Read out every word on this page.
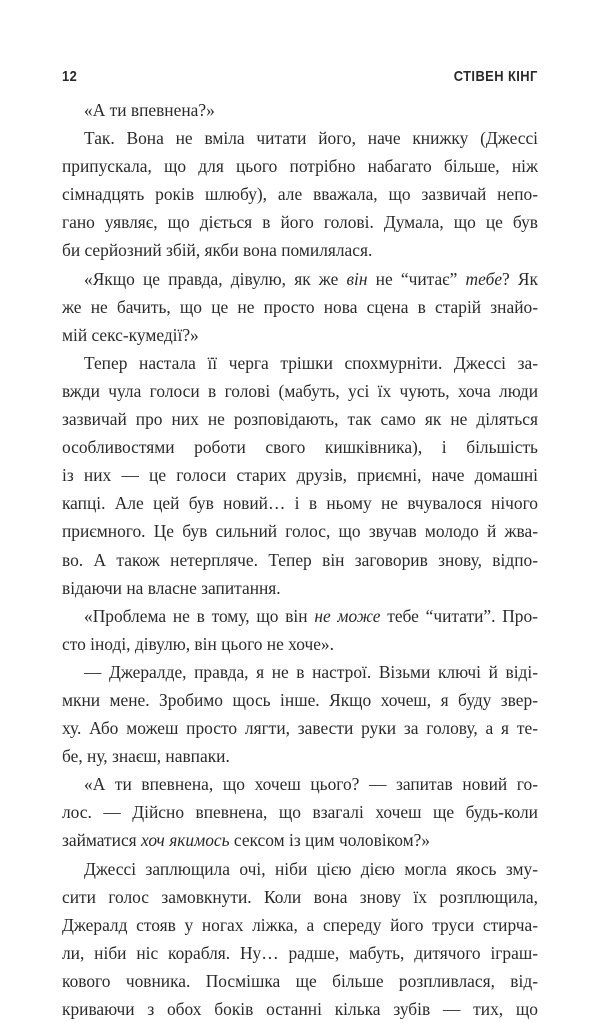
12	СТІВЕН КІНГ
«А ти впевнена?»
Так. Вона не вміла читати його, наче книжку (Джессі
припускала, що для цього потрібно набагато більше, ніж
сімнадцять років шлюбу), але вважала, що зазвичай непо-
гано уявляє, що діється в його голові. Думала, що це був
би серйозний збій, якби вона помилялася.
«Якщо це правда, дівулю, як же він не “читає” тебе? Як
же не бачить, що це не просто нова сцена в старій знайо-
мій секс-кумедії?»
Тепер настала її черга трішки спохмурніти. Джессі за-
вжди чула голоси в голові (мабуть, усі їх чують, хоча люди
зазвичай про них не розповідають, так само як не діляться
особливостями роботи свого кишківника), і більшість
із них — це голоси старих друзів, приємні, наче домашні
капці. Але цей був новий… і в ньому не вчувалося нічого
приємного. Це був сильний голос, що звучав молодо й жва-
во. А також нетерпляче. Тепер він заговорив знову, відпо-
відаючи на власне запитання.
«Проблема не в тому, що він не може тебе “читати”. Про-
сто іноді, дівулю, він цього не хоче».
— Джералде, правда, я не в настрої. Візьми ключі й віді-
мкни мене. Зробимо щось інше. Якщо хочеш, я буду звер-
ху. Або можеш просто лягти, завести руки за голову, а я те-
бе, ну, знаєш, навпаки.
«А ти впевнена, що хочеш цього? — запитав новий го-
лос. — Дійсно впевнена, що взагалі хочеш ще будь-коли
займатися хоч якимось сексом із цим чоловіком?»
Джессі заплющила очі, ніби цією дією могла якось зму-
сити голос замовкнути. Коли вона знову їх розплющила,
Джералд стояв у ногах ліжка, а спереду його труси стирча-
ли, ніби ніс корабля. Ну… радше, мабуть, дитячого іграш-
кового човника. Посмішка ще більше розпливлася, від-
криваючи з обох боків останні кілька зубів — тих, що
